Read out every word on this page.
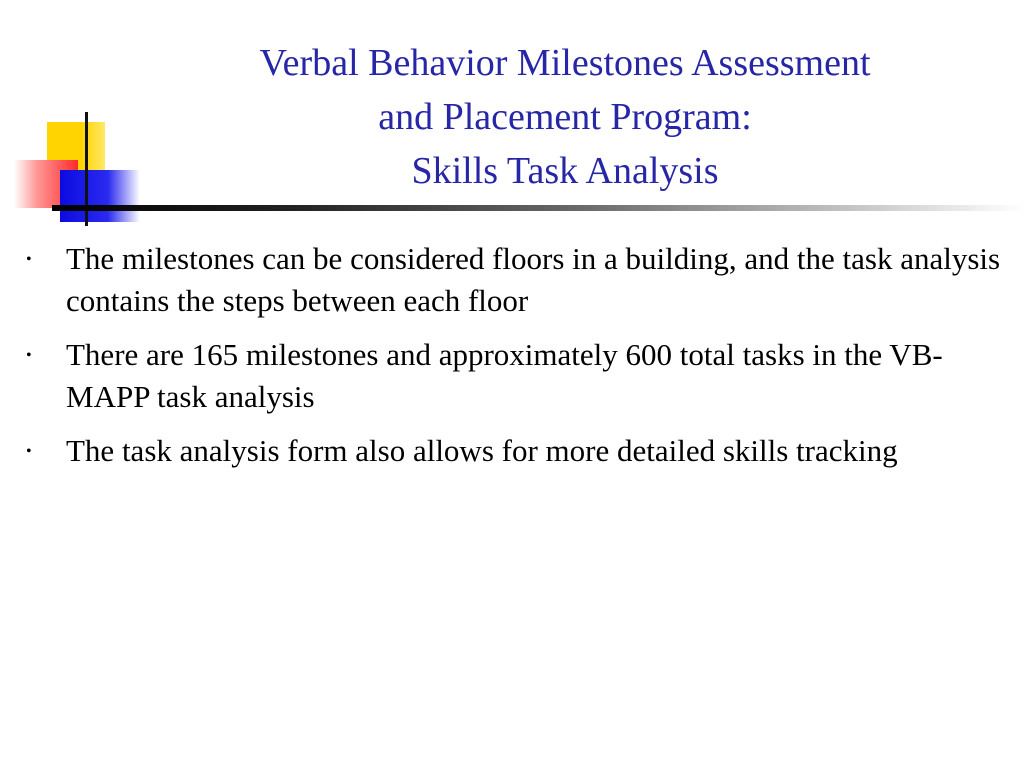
Verbal Behavior Milestones Assessment
and Placement Program:
Skills Task Analysis
• The milestones can be considered floors in a building, and the task analysis contains the steps between each floor
• There are 165 milestones and approximately 600 total tasks in the VB-MAPP task analysis
• The task analysis form also allows for more detailed skills tracking
